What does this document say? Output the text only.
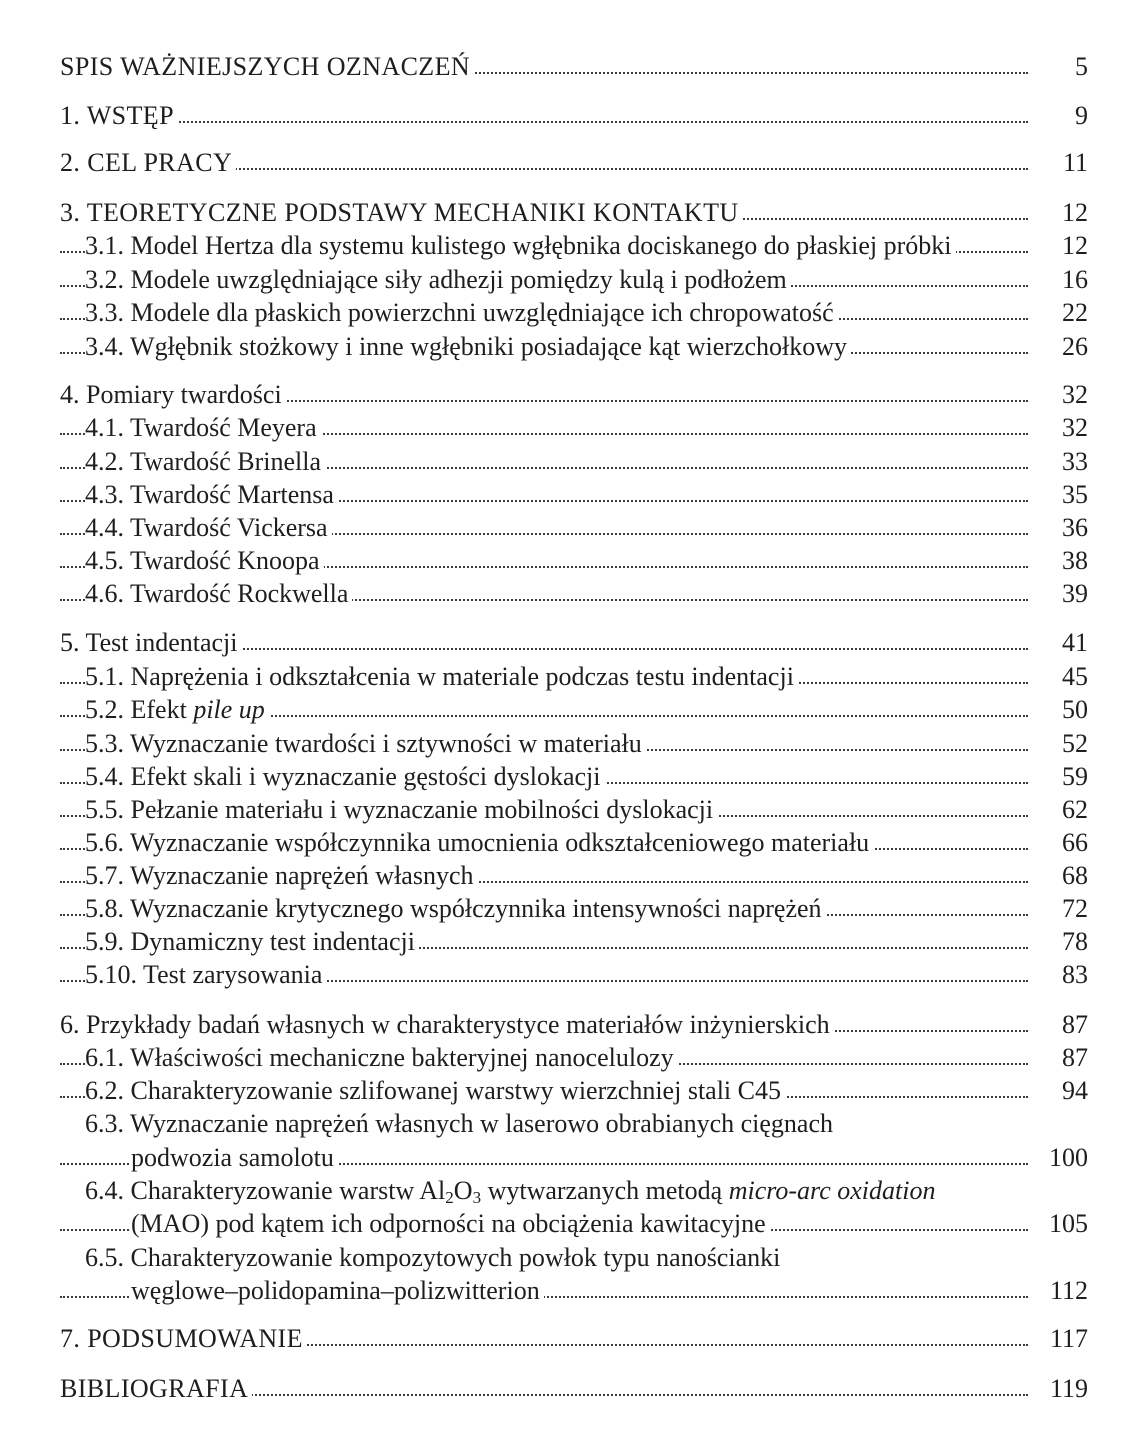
SPIS WAŻNIEJSZYCH OZNACZEŃ	5
1. WSTĘP	9
2. CEL PRACY	11
3. TEORETYCZNE PODSTAWY MECHANIKI KONTAKTU	12
3.1. Model Hertza dla systemu kulistego wgłębnika dociskanego do płaskiej próbki	12
3.2. Modele uwzględniające siły adhezji pomiędzy kulą i podłożem	16
3.3. Modele dla płaskich powierzchni uwzględniające ich chropowatość	22
3.4. Wgłębnik stożkowy i inne wgłębniki posiadające kąt wierzchołkowy	26
4. Pomiary twardości	32
4.1. Twardość Meyera	32
4.2. Twardość Brinella	33
4.3. Twardość Martensa	35
4.4. Twardość Vickersa	36
4.5. Twardość Knoopa	38
4.6. Twardość Rockwella	39
5. Test indentacji	41
5.1. Naprężenia i odkształcenia w materiale podczas testu indentacji	45
5.2. Efekt pile up	50
5.3. Wyznaczanie twardości i sztywności w materiału	52
5.4. Efekt skali i wyznaczanie gęstości dyslokacji	59
5.5. Pełzanie materiału i wyznaczanie mobilności dyslokacji	62
5.6. Wyznaczanie współczynnika umocnienia odkształceniowego materiału	66
5.7. Wyznaczanie naprężeń własnych	68
5.8. Wyznaczanie krytycznego współczynnika intensywności naprężeń	72
5.9. Dynamiczny test indentacji	78
5.10. Test zarysowania	83
6. Przykłady badań własnych w charakterystyce materiałów inżynierskich	87
6.1. Właściwości mechaniczne bakteryjnej nanocelulozy	87
6.2. Charakteryzowanie szlifowanej warstwy wierzchniej stali C45	94
6.3. Wyznaczanie naprężeń własnych w laserowo obrabianych cięgnach
podwozia samolotu	100
6.4. Charakteryzowanie warstw $Al_2O_3$ wytwarzanych metodą micro-arc oxidation
(MAO) pod kątem ich odporności na obciążenia kawitacyjne	105
6.5. Charakteryzowanie kompozytowych powłok typu nanościanki
węglowe–polidopamina–polizwitterion	112
7. PODSUMOWANIE	117
BIBLIOGRAFIA	119
